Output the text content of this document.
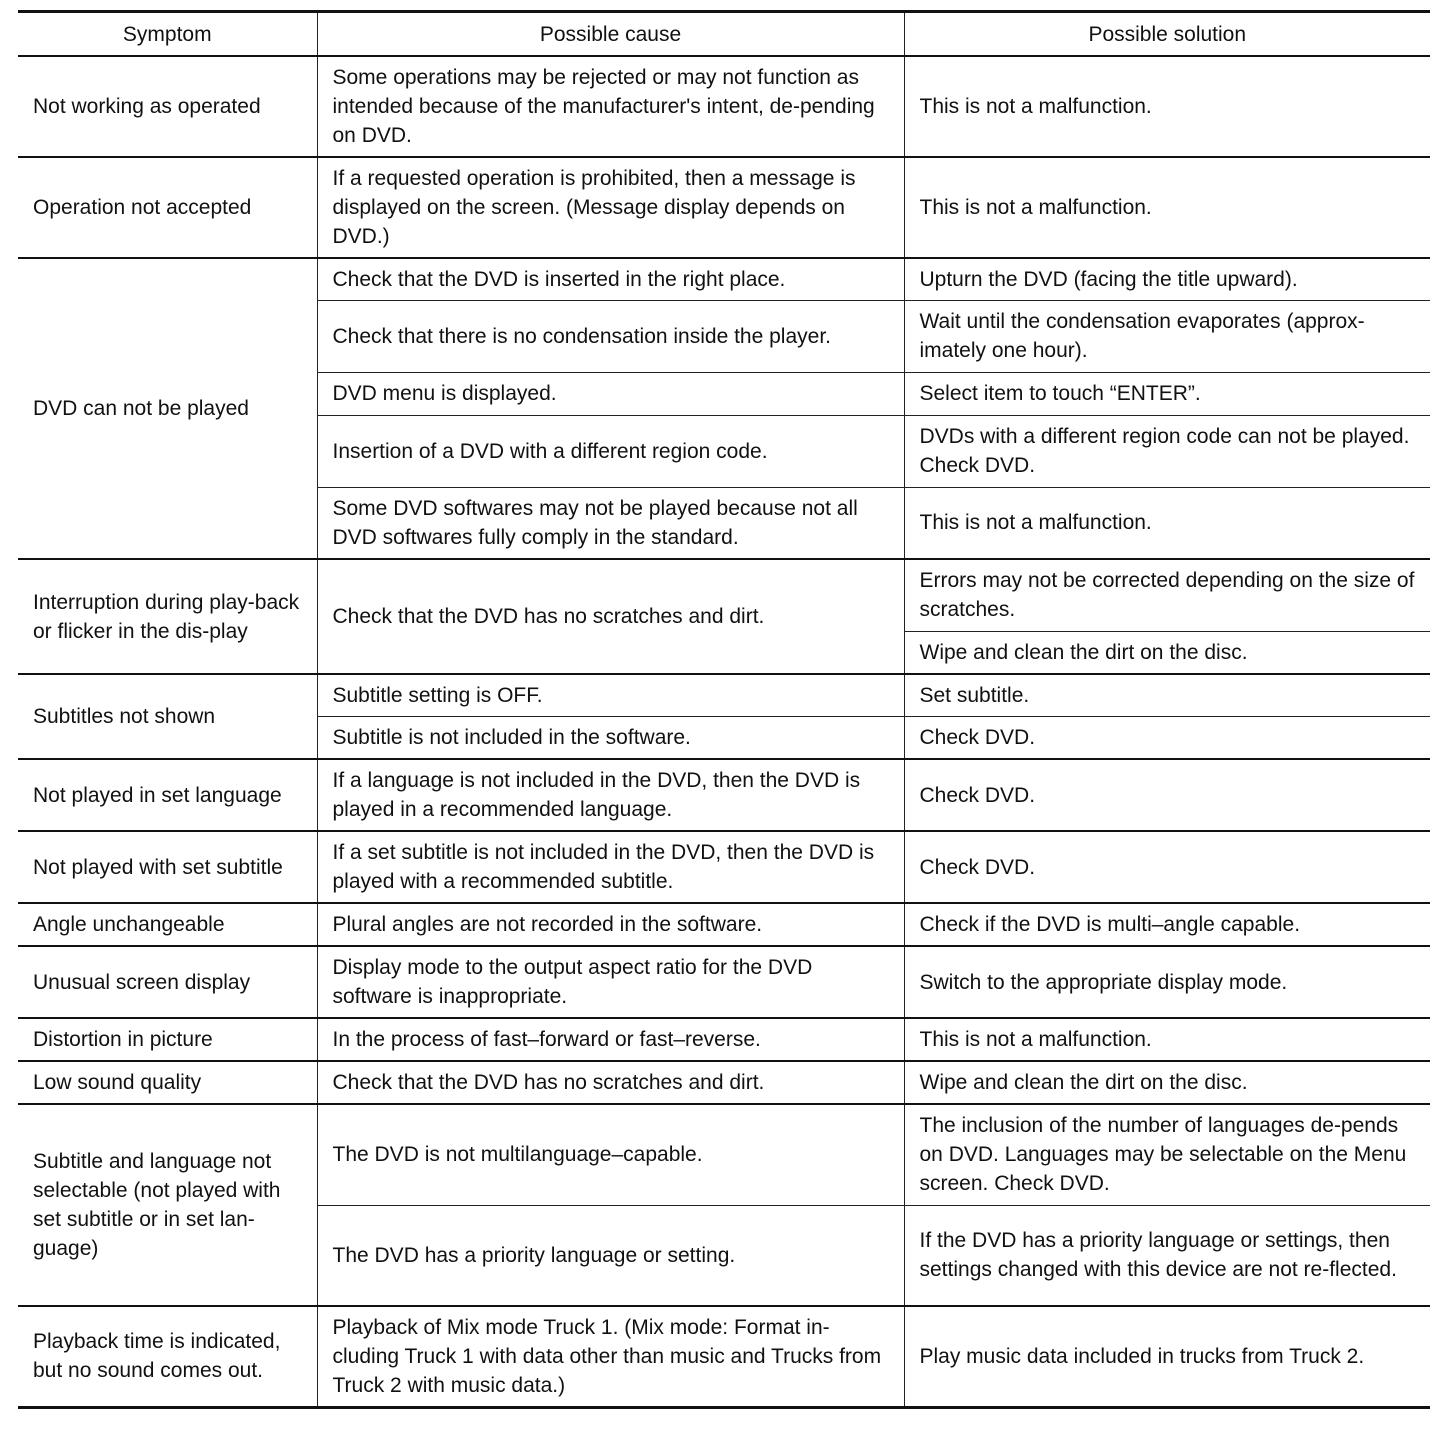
Symptom	Possible cause	Possible solution
Not working as operated	Some operations may be rejected or may not function as intended because of the manufacturer's intent, de-pending on DVD.	This is not a malfunction.
Operation not accepted	If a requested operation is prohibited, then a message is displayed on the screen. (Message display depends on DVD.)	This is not a malfunction.
DVD can not be played	Check that the DVD is inserted in the right place.	Upturn the DVD (facing the title upward).
	Check that there is no condensation inside the player.	Wait until the condensation evaporates (approx-imately one hour).
	DVD menu is displayed.	Select item to touch “ENTER”.
	Insertion of a DVD with a different region code.	DVDs with a different region code can not be played. Check DVD.
	Some DVD softwares may not be played because not all DVD softwares fully comply in the standard.	This is not a malfunction.
Interruption during play-back or flicker in the dis-play	Check that the DVD has no scratches and dirt.	Errors may not be corrected depending on the size of scratches.
		Wipe and clean the dirt on the disc.
Subtitles not shown	Subtitle setting is OFF.	Set subtitle.
	Subtitle is not included in the software.	Check DVD.
Not played in set language	If a language is not included in the DVD, then the DVD is played in a recommended language.	Check DVD.
Not played with set subtitle	If a set subtitle is not included in the DVD, then the DVD is played with a recommended subtitle.	Check DVD.
Angle unchangeable	Plural angles are not recorded in the software.	Check if the DVD is multi–angle capable.
Unusual screen display	Display mode to the output aspect ratio for the DVD software is inappropriate.	Switch to the appropriate display mode.
Distortion in picture	In the process of fast–forward or fast–reverse.	This is not a malfunction.
Low sound quality	Check that the DVD has no scratches and dirt.	Wipe and clean the dirt on the disc.
Subtitle and language not selectable (not played with set subtitle or in set lan-guage)	The DVD is not multilanguage–capable.	The inclusion of the number of languages de-pends on DVD. Languages may be selectable on the Menu screen. Check DVD.
	The DVD has a priority language or setting.	If the DVD has a priority language or settings, then settings changed with this device are not re-flected.
Playback time is indicated, but no sound comes out.	Playback of Mix mode Truck 1. (Mix mode: Format in-cluding Truck 1 with data other than music and Trucks from Truck 2 with music data.)	Play music data included in trucks from Truck 2.
